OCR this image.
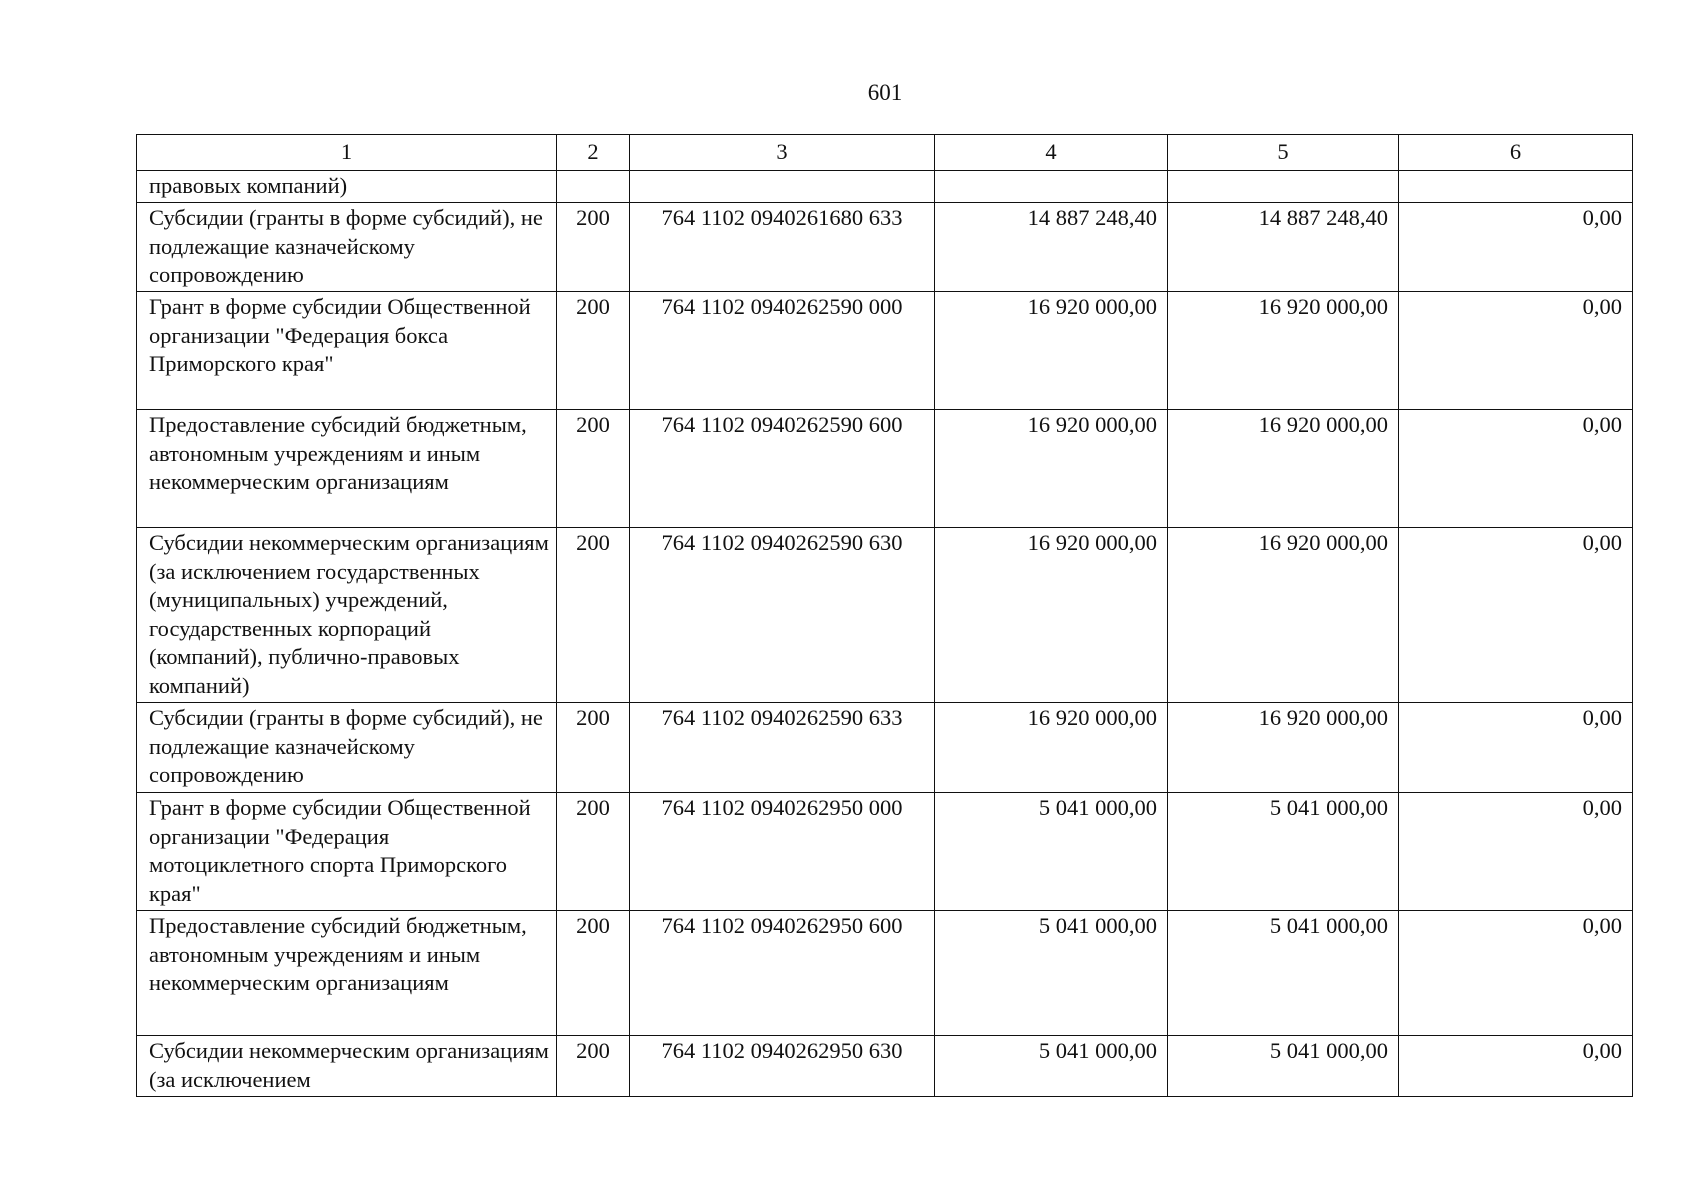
601
1	2	3	4	5	6
правовых компаний)					
Субсидии (гранты в форме субсидий), не подлежащие казначейскому сопровождению	200	764 1102 0940261680 633	14 887 248,40	14 887 248,40	0,00
Грант в форме субсидии Общественной организации "Федерация бокса Приморского края"	200	764 1102 0940262590 000	16 920 000,00	16 920 000,00	0,00
Предоставление субсидий бюджетным, автономным учреждениям и иным некоммерческим организациям	200	764 1102 0940262590 600	16 920 000,00	16 920 000,00	0,00
Субсидии некоммерческим организациям (за исключением государственных (муниципальных) учреждений, государственных корпораций (компаний), публично-правовых компаний)	200	764 1102 0940262590 630	16 920 000,00	16 920 000,00	0,00
Субсидии (гранты в форме субсидий), не подлежащие казначейскому сопровождению	200	764 1102 0940262590 633	16 920 000,00	16 920 000,00	0,00
Грант в форме субсидии Общественной организации "Федерация мотоциклетного спорта Приморского края"	200	764 1102 0940262950 000	5 041 000,00	5 041 000,00	0,00
Предоставление субсидий бюджетным, автономным учреждениям и иным некоммерческим организациям	200	764 1102 0940262950 600	5 041 000,00	5 041 000,00	0,00
Субсидии некоммерческим организациям (за исключением	200	764 1102 0940262950 630	5 041 000,00	5 041 000,00	0,00
